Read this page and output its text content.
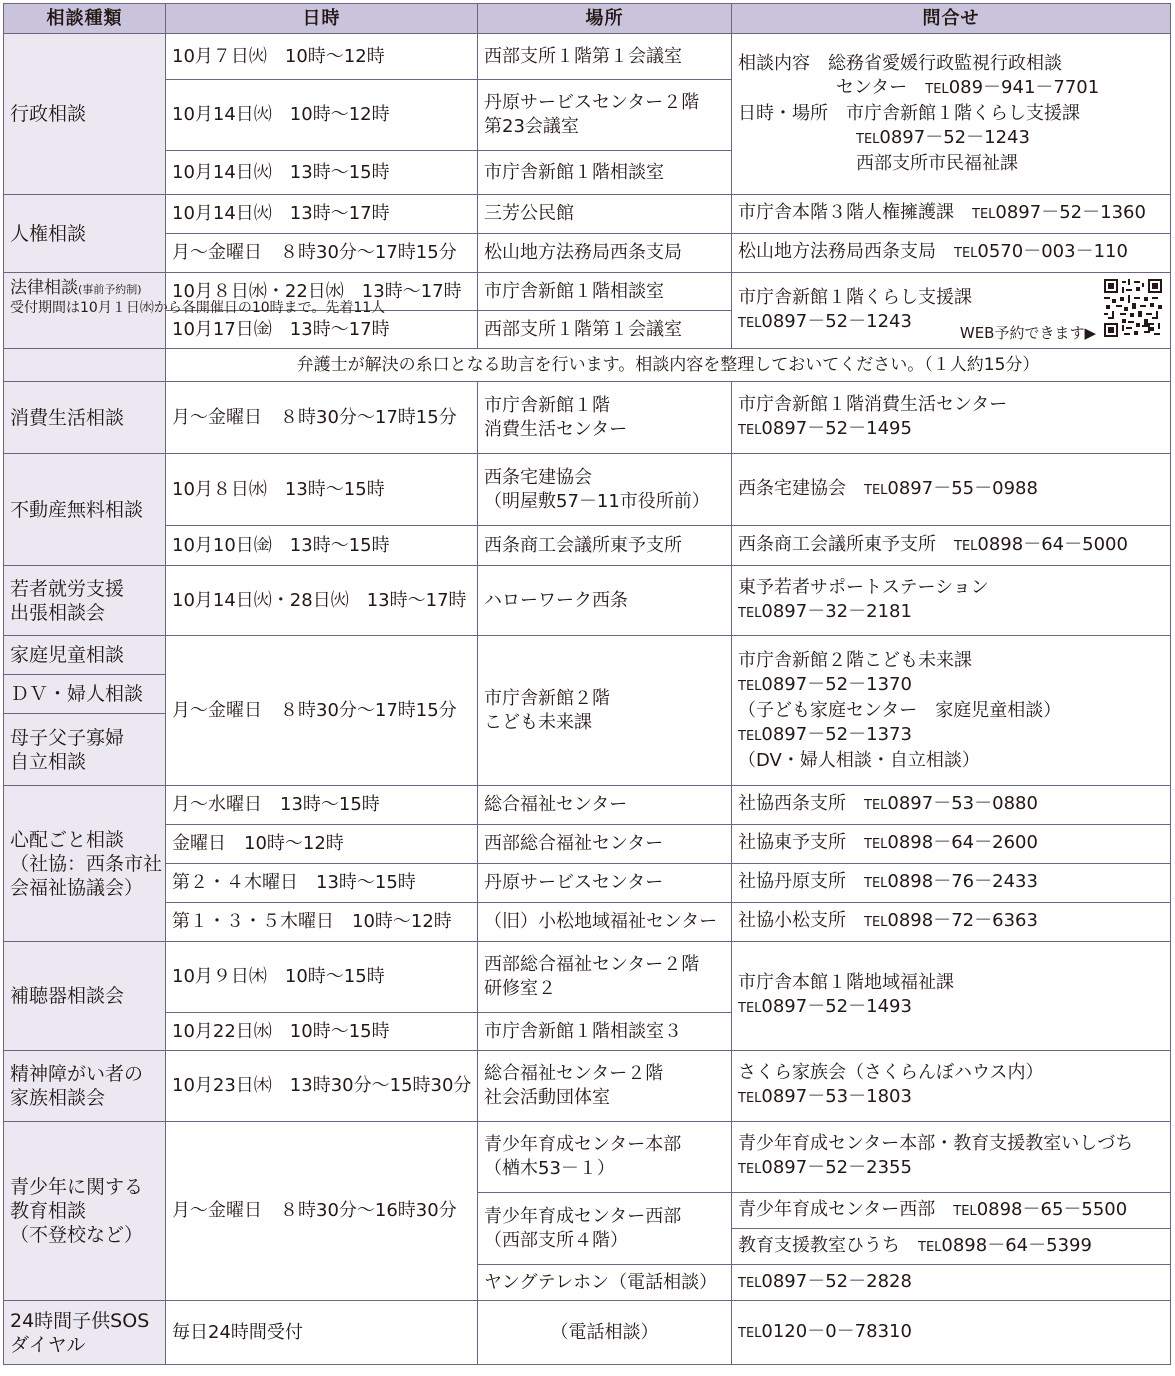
相談種類	日時	場所	問合せ
行政相談	10月７日㈫　10時～12時	西部支所１階第１会議室	相談内容　総務省愛媛行政監視行政相談
センター　TEL089－941－7701
日時・場所　市庁舎新館１階くらし支援課
TEL0897－52－1243
西部支所市民福祉課

	10月14日㈫　10時～12時	丹原サービスセンター２階
第23会議室	

	10月14日㈫　13時～15時	市庁舎新館１階相談室	
人権相談	10月14日㈫　13時～17時	三芳公民館	市庁舎本階３階人権擁護課　TEL0897－52－1360
	月～金曜日　８時30分～17時15分	松山地方法務局西条支局	松山地方法務局西条支局　TEL0570－003－110
法律相談(事前予約制)
受付期間は10月１日㈬から各開催日の10時まで。先着11人	10月８日㈬・22日㈬　13時～17時	市庁舎新館１階相談室	市庁舎新館１階くらし支援課
TEL0897－52－1243
WEB予約できます▶

	10月17日㈮　13時～17時	西部支所１階第１会議室	
	弁護士が解決の糸口となる助言を行います。相談内容を整理しておいてください。（１人約15分）		
消費生活相談	月～金曜日　８時30分～17時15分	市庁舎新館１階
消費生活センター	市庁舎新館１階消費生活センター
TEL0897－52－1495

不動産無料相談	10月８日㈬　13時～15時	西条宅建協会
（明屋敷57－11市役所前）	西条宅建協会　TEL0897－55－0988
	10月10日㈮　13時～15時	西条商工会議所東予支所	西条商工会議所東予支所　TEL0898－64－5000

若者就労支援
出張相談会	10月14日㈫・28日㈫　13時～17時	ハローワーク西条	東予若者サポートステーション
TEL0897－32－2181

家庭児童相談	月～金曜日　８時30分～17時15分	市庁舎新館２階
こども未来課	市庁舎新館２階こども未来課
TEL0897－52－1370
（子ども家庭センター　家庭児童相談）
TEL0897－52－1373
（DV・婦人相談・自立相談）

ＤＶ・婦人相談			

母子父子寡婦
自立相談			

心配ごと相談
（社協：西条市社
会福祉協議会）	月～水曜日　13時～15時	総合福祉センター	社協西条支所　TEL0897－53－0880
	金曜日　10時～12時	西部総合福祉センター	社協東予支所　TEL0898－64－2600
	第２・４木曜日　13時～15時	丹原サービスセンター	社協丹原支所　TEL0898－76－2433
	第１・３・５木曜日　10時～12時	（旧）小松地域福祉センター	社協小松支所　TEL0898－72－6363
補聴器相談会	10月９日㈭　10時～15時	西部総合福祉センター２階
研修室２	市庁舎本館１階地域福祉課
TEL0897－52－1493

	10月22日㈬　10時～15時	市庁舎新館１階相談室３	

精神障がい者の
家族相談会	10月23日㈭　13時30分～15時30分	総合福祉センター２階
社会活動団体室	さくら家族会（さくらんぼハウス内）
TEL0897－53－1803

青少年に関する
教育相談
（不登校など）	月～金曜日　８時30分～16時30分	青少年育成センター本部
（楢木53－１）	青少年育成センター本部・教育支援教室いしづち
TEL0897－52－2355

		青少年育成センター西部
（西部支所４階）	青少年育成センター西部　TEL0898－65－5500
			教育支援教室ひうち　TEL0898－64－5399
		ヤングテレホン（電話相談）	TEL0897－52－2828

24時間子供SOS
ダイヤル	毎日24時間受付	（電話相談）	TEL0120－0－78310
